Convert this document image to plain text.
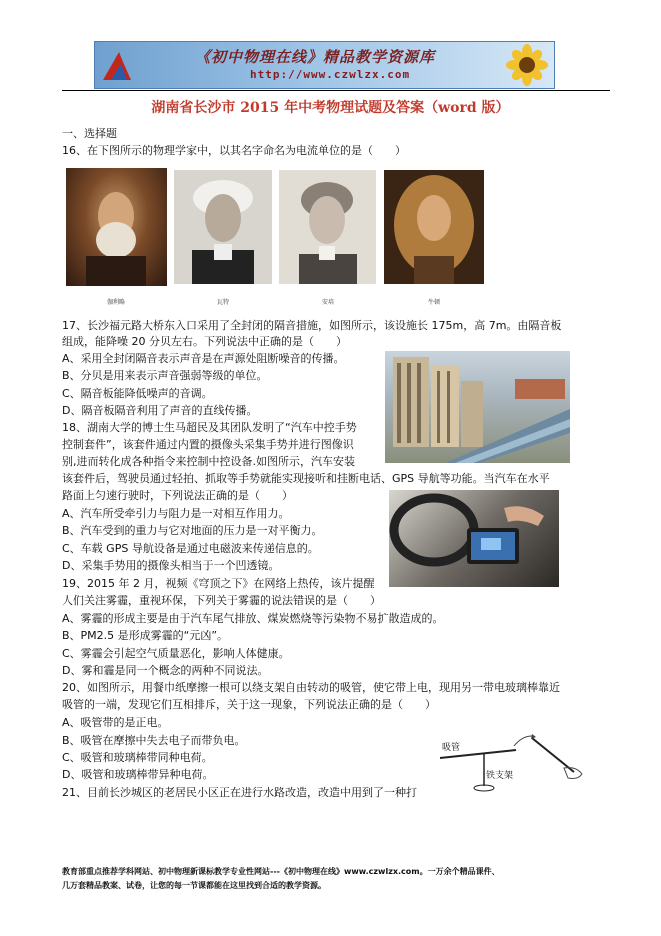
《初中物理在线》精品教学资源库
http://www.czwlzx.com
湖南省长沙市 2015 年中考物理试题及答案（word 版）
一、选择题
16、在下图所示的物理学家中，以其名字命名为电流单位的是（　　）
伽利略	瓦特	安培	牛顿
17、长沙福元路大桥东入口采用了全封闭的隔音措施，如图所示，该设施长 175m，高 7m。由隔音板
组成，能降噪 20 分贝左右。下列说法中正确的是（　　）
A、采用全封闭隔音表示声音是在声源处阻断噪音的传播。
B、分贝是用来表示声音强弱等级的单位。
C、隔音板能降低噪声的音调。
D、隔音板隔音利用了声音的直线传播。
18、湖南大学的博士生马超民及其团队发明了“汽车中控手势
控制套件”，该套件通过内置的摄像头采集手势并进行图像识
别,进而转化成各种指令来控制中控设备.如图所示，汽车安装
该套件后，驾驶员通过轻拍、抓取等手势就能实现接听和挂断电话、GPS 导航等功能。当汽车在水平
路面上匀速行驶时，下列说法正确的是（　　）
A、汽车所受牵引力与阻力是一对相互作用力。
B、汽车受到的重力与它对地面的压力是一对平衡力。
C、车载 GPS 导航设备是通过电磁波来传递信息的。
D、采集手势用的摄像头相当于一个凹透镜。
19、2015 年 2 月，视频《穹顶之下》在网络上热传，该片提醒
人们关注雾霾，重视环保，下列关于雾霾的说法错误的是（　　）
A、雾霾的形成主要是由于汽车尾气排放、煤炭燃烧等污染物不易扩散造成的。
B、PM2.5 是形成雾霾的“元凶”。
C、雾霾会引起空气质量恶化，影响人体健康。
D、雾和霾是同一个概念的两种不同说法。
20、如图所示，用餐巾纸摩擦一根可以绕支架自由转动的吸管，使它带上电，现用另一带电玻璃棒靠近
吸管的一端，发现它们互相排斥，关于这一现象，下列说法正确的是（　　）
A、吸管带的是正电。
B、吸管在摩擦中失去电子而带负电。
C、吸管和玻璃棒带同种电荷。
D、吸管和玻璃棒带异种电荷。
吸管
铁支架
21、目前长沙城区的老居民小区正在进行水路改造，改造中用到了一种打
教育部重点推荐学科网站、初中物理新课标教学专业性网站---《初中物理在线》www.czwlzx.com。一万余个精品课件、
几万套精品教案、试卷，让您的每一节课都能在这里找到合适的教学资源。
